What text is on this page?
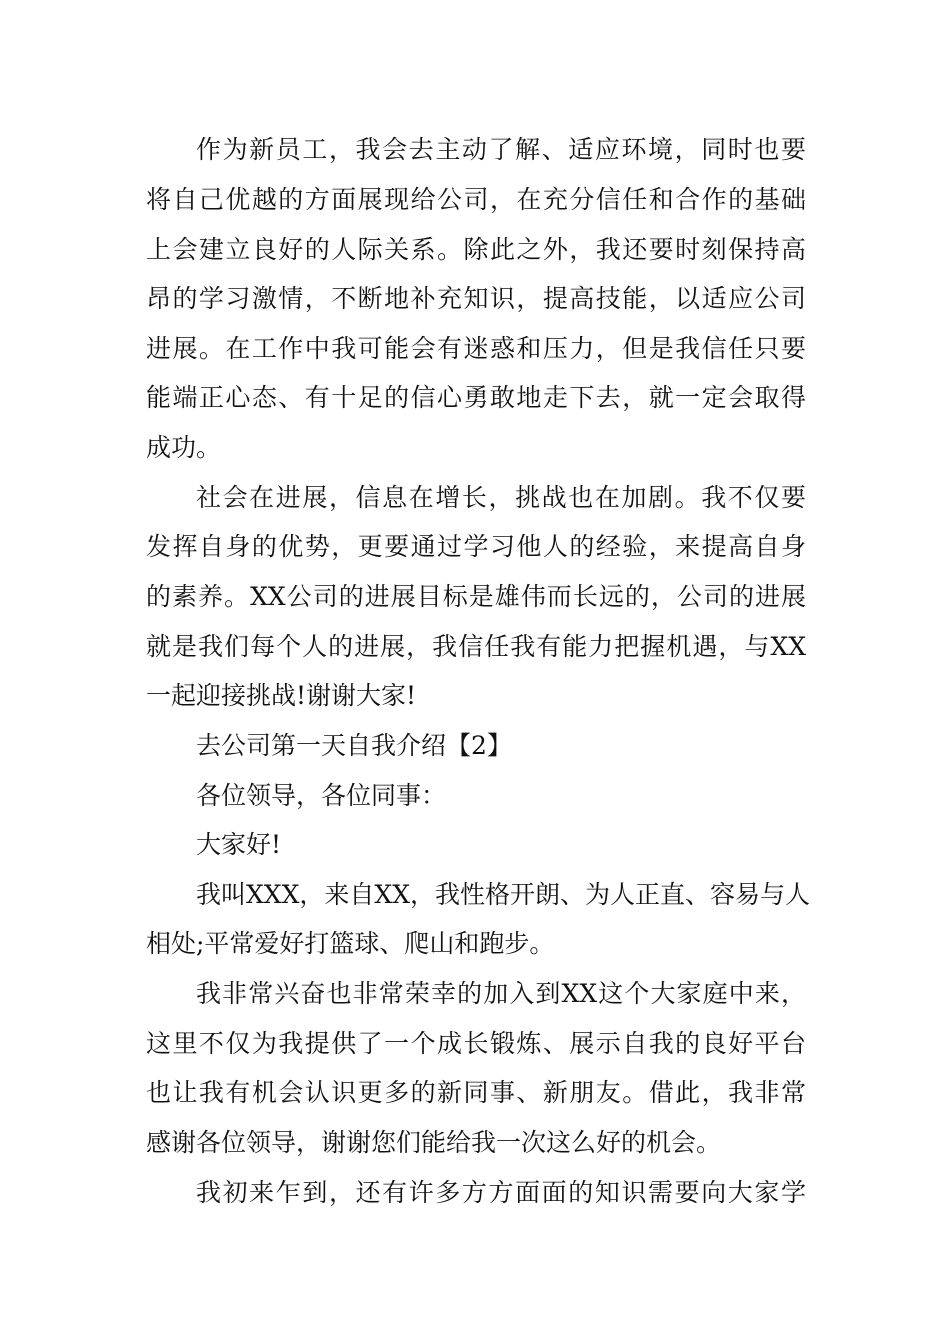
作为新员工，我会去主动了解、适应环境，同时也要
将自己优越的方面展现给公司，在充分信任和合作的基础
上会建立良好的人际关系。除此之外，我还要时刻保持高
昂的学习激情，不断地补充知识，提高技能，以适应公司
进展。在工作中我可能会有迷惑和压力，但是我信任只要
能端正心态、有十足的信心勇敢地走下去，就一定会取得
成功。
社会在进展，信息在增长，挑战也在加剧。我不仅要
发挥自身的优势，更要通过学习他人的经验，来提高自身
的素养。XX公司的进展目标是雄伟而长远的，公司的进展
就是我们每个人的进展，我信任我有能力把握机遇，与XX
一起迎接挑战!谢谢大家!
去公司第一天自我介绍【2】
各位领导，各位同事：
大家好!
我叫XXX，来自XX，我性格开朗、为人正直、容易与人
相处;平常爱好打篮球、爬山和跑步。
我非常兴奋也非常荣幸的加入到XX这个大家庭中来，
这里不仅为我提供了一个成长锻炼、展示自我的良好平台
也让我有机会认识更多的新同事、新朋友。借此，我非常
感谢各位领导，谢谢您们能给我一次这么好的机会。
我初来乍到，还有许多方方面面的知识需要向大家学
